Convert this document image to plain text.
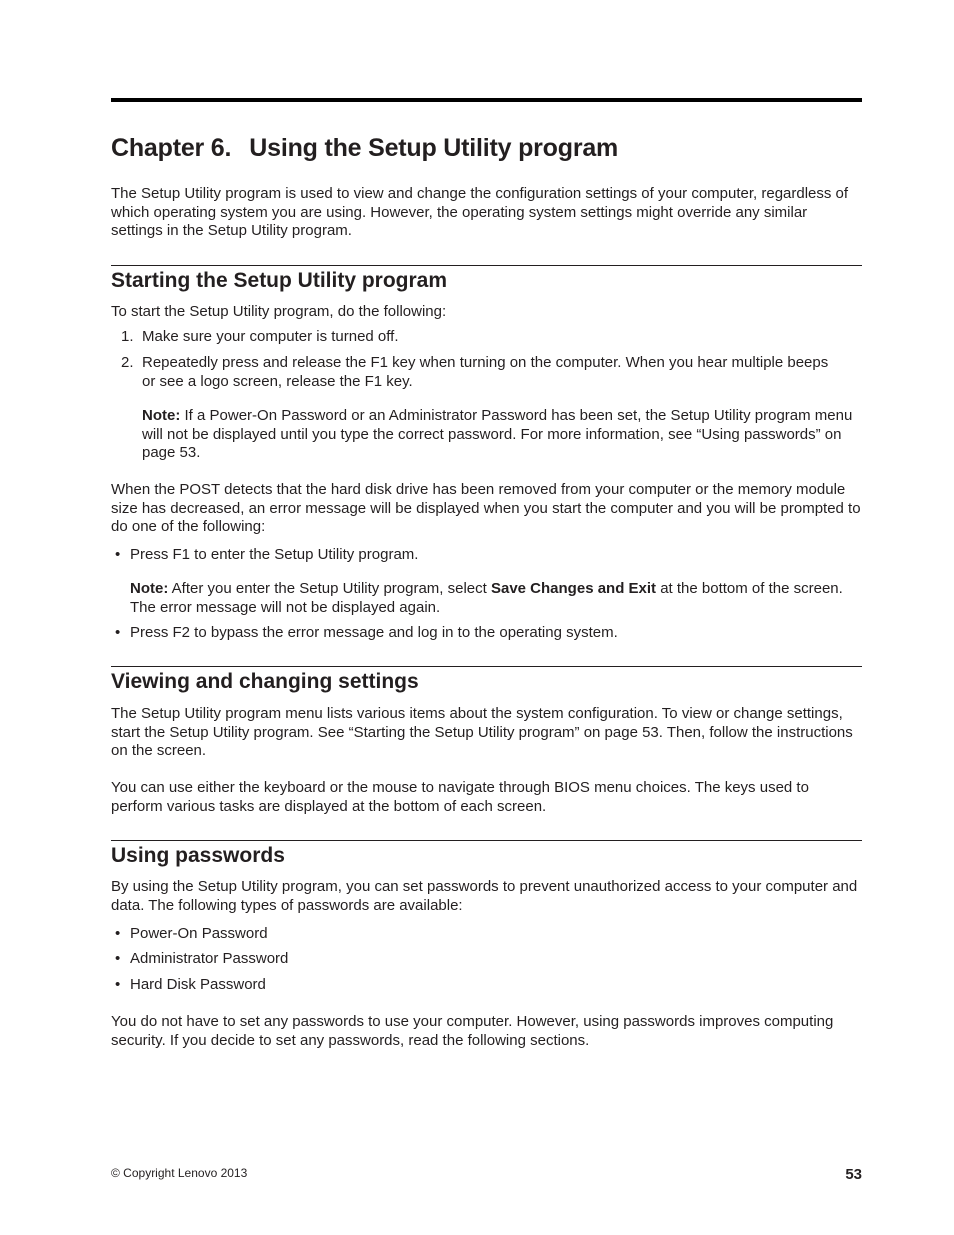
Chapter 6. Using the Setup Utility program

The Setup Utility program is used to view and change the configuration settings of your computer, regardless of which operating system you are using. However, the operating system settings might override any similar settings in the Setup Utility program.

Starting the Setup Utility program

To start the Setup Utility program, do the following:

1. Make sure your computer is turned off.

2. Repeatedly press and release the F1 key when turning on the computer. When you hear multiple beeps or see a logo screen, release the F1 key.

Note: If a Power-On Password or an Administrator Password has been set, the Setup Utility program menu will not be displayed until you type the correct password. For more information, see “Using passwords” on page 53.

When the POST detects that the hard disk drive has been removed from your computer or the memory module size has decreased, an error message will be displayed when you start the computer and you will be prompted to do one of the following:

• Press F1 to enter the Setup Utility program.

Note: After you enter the Setup Utility program, select Save Changes and Exit at the bottom of the screen. The error message will not be displayed again.

• Press F2 to bypass the error message and log in to the operating system.

Viewing and changing settings

The Setup Utility program menu lists various items about the system configuration. To view or change settings, start the Setup Utility program. See “Starting the Setup Utility program” on page 53. Then, follow the instructions on the screen.

You can use either the keyboard or the mouse to navigate through BIOS menu choices. The keys used to perform various tasks are displayed at the bottom of each screen.

Using passwords

By using the Setup Utility program, you can set passwords to prevent unauthorized access to your computer and data. The following types of passwords are available:

• Power-On Password

• Administrator Password

• Hard Disk Password

You do not have to set any passwords to use your computer. However, using passwords improves computing security. If you decide to set any passwords, read the following sections.

© Copyright Lenovo 2013	53
